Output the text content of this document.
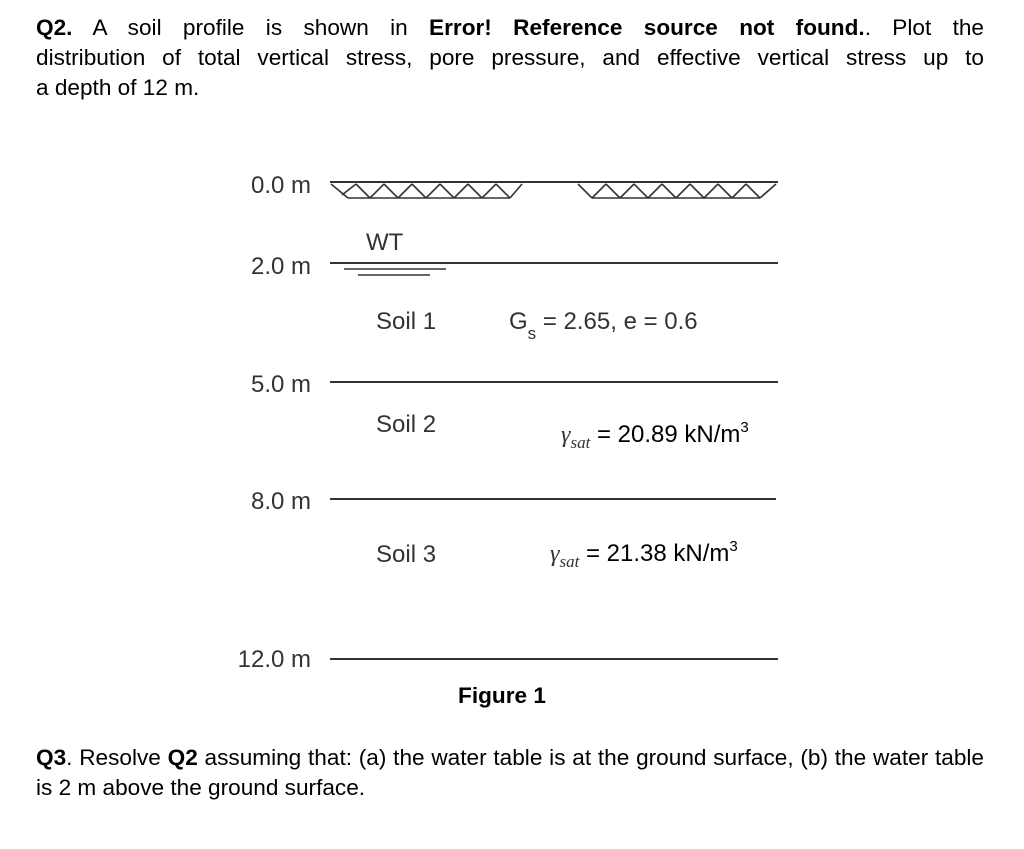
Q2. A soil profile is shown in Error! Reference source not found.. Plot the
distribution of total vertical stress, pore pressure, and effective vertical stress up to
a depth of 12 m.
0.0 m
2.0 m
5.0 m
8.0 m
12.0 m
WT
Soil 1	$G_s = 2.65$, e = 0.6
Soil 2	$\gamma_{sat} = 20.89$ $kN/m^3$
Soil 3	$\gamma_{sat} = 21.38$ $kN/m^3$
Figure 1
Q3. Resolve Q2 assuming that: (a) the water table is at the ground surface, (b) the water table is 2 m above the ground surface.
